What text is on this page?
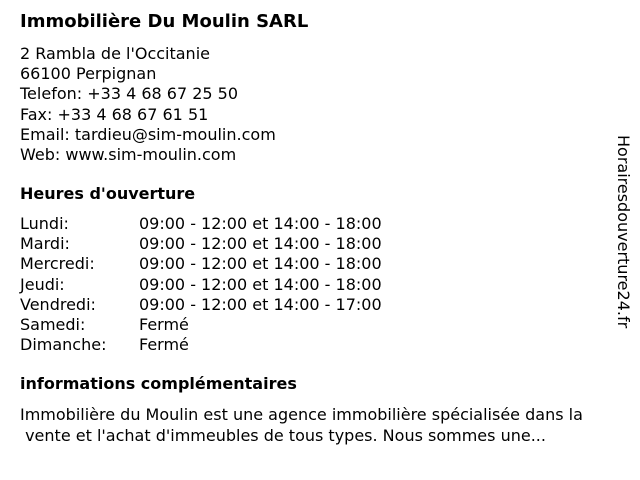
Immobilière Du Moulin SARL
2 Rambla de l'Occitanie
66100 Perpignan
Telefon: +33 4 68 67 25 50
Fax: +33 4 68 67 61 51
Email: tardieu@sim-moulin.com
Web: www.sim-moulin.com
Heures d'ouverture
Lundi:	09:00 - 12:00 et 14:00 - 18:00
Mardi:	09:00 - 12:00 et 14:00 - 18:00
Mercredi:	09:00 - 12:00 et 14:00 - 18:00
Jeudi:	09:00 - 12:00 et 14:00 - 18:00
Vendredi:	09:00 - 12:00 et 14:00 - 17:00
Samedi:	Fermé
Dimanche: Fermé
informations complémentaires
Immobilière du Moulin est une agence immobilière spécialisée dans la
vente et l'achat d'immeubles de tous types. Nous sommes une...
Horairesdouverture24.fr
